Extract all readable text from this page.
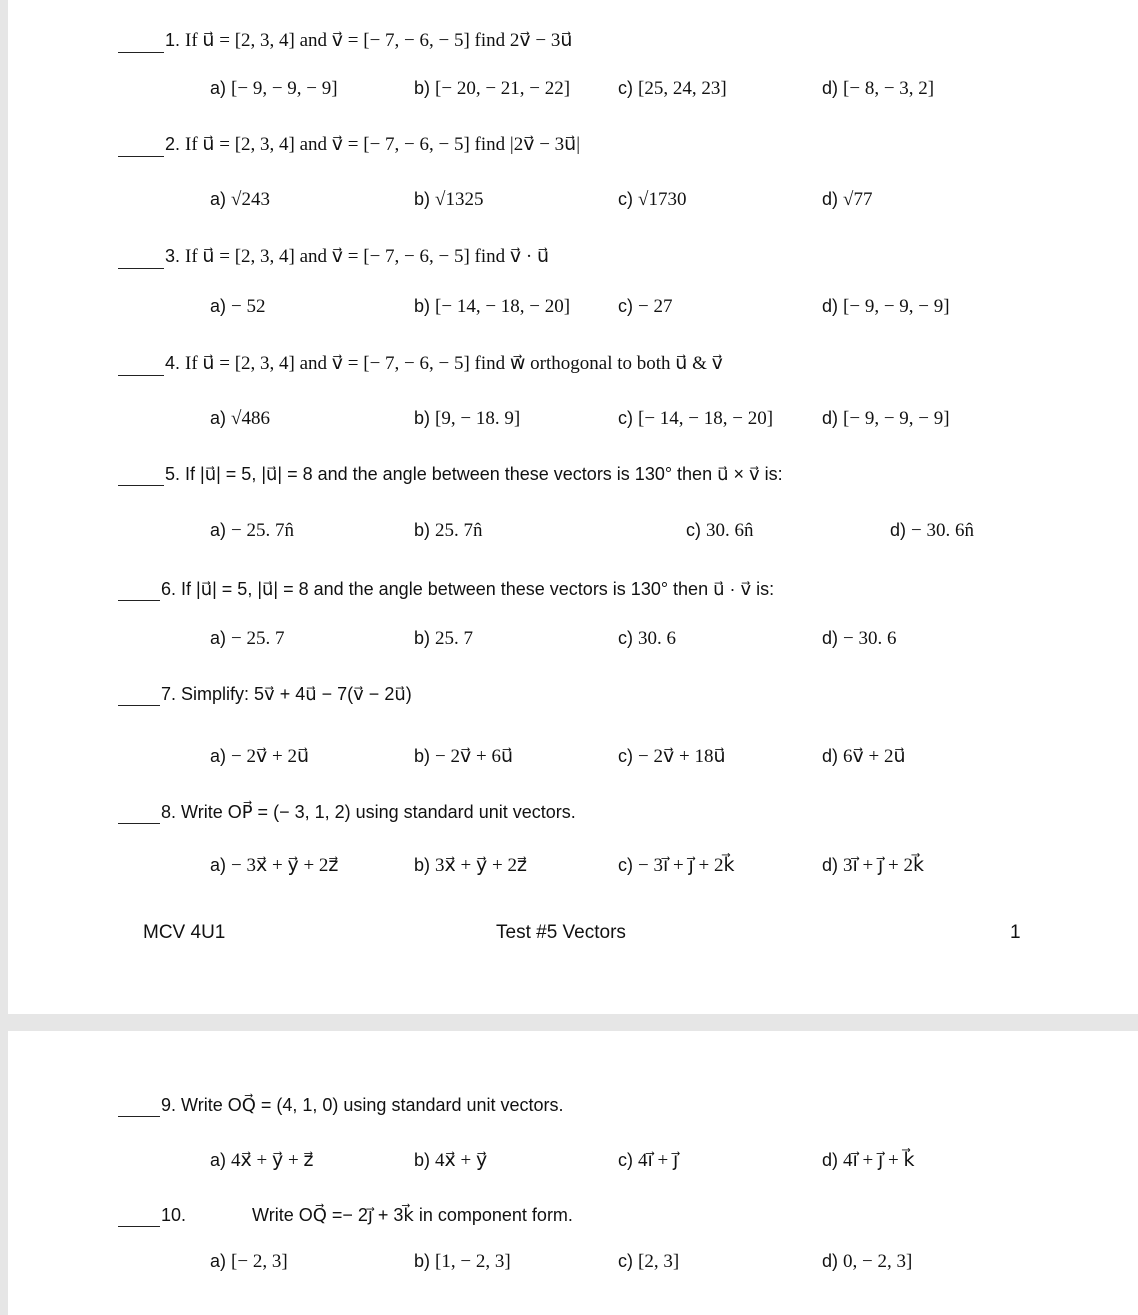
1. If u⃗ = [2, 3, 4] and v⃗ = [− 7, − 6, − 5] find 2v⃗ − 3u⃗
a) [− 9, − 9, − 9]	b) [− 20, − 21, − 22]	c) [25, 24, 23]	d) [− 8, − 3, 2]
2. If u⃗ = [2, 3, 4] and v⃗ = [− 7, − 6, − 5] find |2v⃗ − 3u⃗|
a) √243	b) √1325	c) √1730	d) √77
3. If u⃗ = [2, 3, 4] and v⃗ = [− 7, − 6, − 5] find v⃗ · u⃗
a) − 52	b) [− 14, − 18, − 20]	c) − 27	d) [− 9, − 9, − 9]
4. If u⃗ = [2, 3, 4] and v⃗ = [− 7, − 6, − 5] find w⃗ orthogonal to both u⃗ & v⃗
a) √486	b) [9, − 18. 9]	c) [− 14, − 18, − 20]	d) [− 9, − 9, − 9]
5. If |u⃗| = 5, |u⃗| = 8 and the angle between these vectors is 130° then u⃗ × v⃗ is:
a) − 25. 7n̂	b) 25. 7n̂	c) 30. 6n̂	d) − 30. 6n̂
6. If |u⃗| = 5, |u⃗| = 8 and the angle between these vectors is 130° then u⃗ · v⃗ is:
a) − 25. 7	b) 25. 7	c) 30. 6	d) − 30. 6
7. Simplify: 5v⃗ + 4u⃗ − 7(v⃗ − 2u⃗)
a) − 2v⃗ + 2u⃗	b) − 2v⃗ + 6u⃗	c) − 2v⃗ + 18u⃗	d) 6v⃗ + 2u⃗
8. Write OP⃗ = (− 3, 1, 2) using standard unit vectors.
a) − 3x⃗ + y⃗ + 2z⃗	b) 3x⃗ + y⃗ + 2z⃗	c) − 3i⃗ + j⃗ + 2k⃗	d) 3i⃗ + j⃗ + 2k⃗
MCV 4U1	Test #5 Vectors	1
9. Write OQ⃗ = (4, 1, 0) using standard unit vectors.
a) 4x⃗ + y⃗ + z⃗	b) 4x⃗ + y⃗	c) 4i⃗ + j⃗	d) 4i⃗ + j⃗ + k⃗
10.	Write OQ⃗ =− 2j⃗ + 3k⃗ in component form.
a) [− 2, 3]	b) [1, − 2, 3]	c) [2, 3]	d) 0, − 2, 3]
